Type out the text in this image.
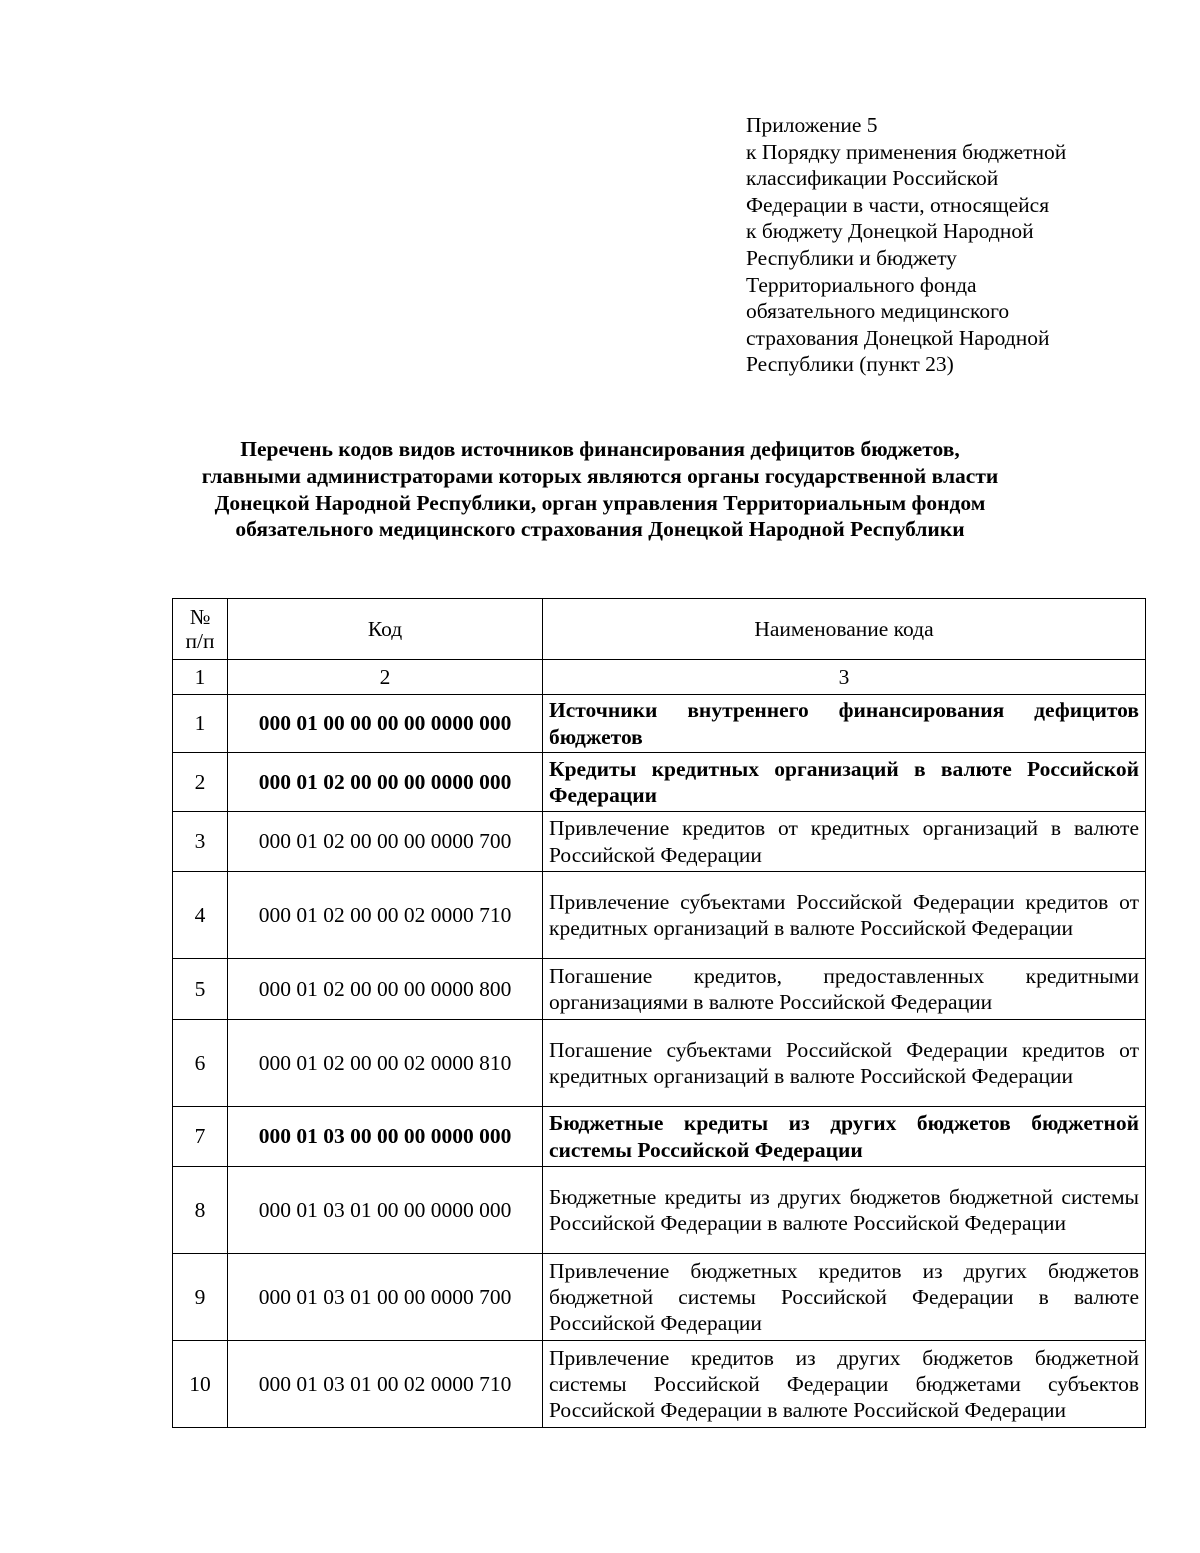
Приложение 5
к Порядку применения бюджетной
классификации Российской
Федерации в части, относящейся
к бюджету Донецкой Народной
Республики и бюджету
Территориального фонда
обязательного медицинского
страхования Донецкой Народной
Республики (пункт 23)
Перечень кодов видов источников финансирования дефицитов бюджетов,
главными администраторами которых являются органы государственной власти
Донецкой Народной Республики, орган управления Территориальным фондом
обязательного медицинского страхования Донецкой Народной Республики
№
п/п	Код	Наименование кода
1	2	3
1	000 01 00 00 00 00 0000 000	Источники внутреннего финансирования дефицитов бюджетов
2	000 01 02 00 00 00 0000 000	Кредиты кредитных организаций в валюте Российской Федерации
3	000 01 02 00 00 00 0000 700	Привлечение кредитов от кредитных организаций в валюте Российской Федерации
4	000 01 02 00 00 02 0000 710	Привлечение субъектами Российской Федерации кредитов от кредитных организаций в валюте Российской Федерации
5	000 01 02 00 00 00 0000 800	Погашение кредитов, предоставленных кредитными организациями в валюте Российской Федерации
6	000 01 02 00 00 02 0000 810	Погашение субъектами Российской Федерации кредитов от кредитных организаций в валюте Российской Федерации
7	000 01 03 00 00 00 0000 000	Бюджетные кредиты из других бюджетов бюджетной системы Российской Федерации
8	000 01 03 01 00 00 0000 000	Бюджетные кредиты из других бюджетов бюджетной системы Российской Федерации в валюте Российской Федерации
9	000 01 03 01 00 00 0000 700	Привлечение бюджетных кредитов из других бюджетов бюджетной системы Российской Федерации в валюте Российской Федерации
10	000 01 03 01 00 02 0000 710	Привлечение кредитов из других бюджетов бюджетной системы Российской Федерации бюджетами субъектов Российской Федерации в валюте Российской Федерации
